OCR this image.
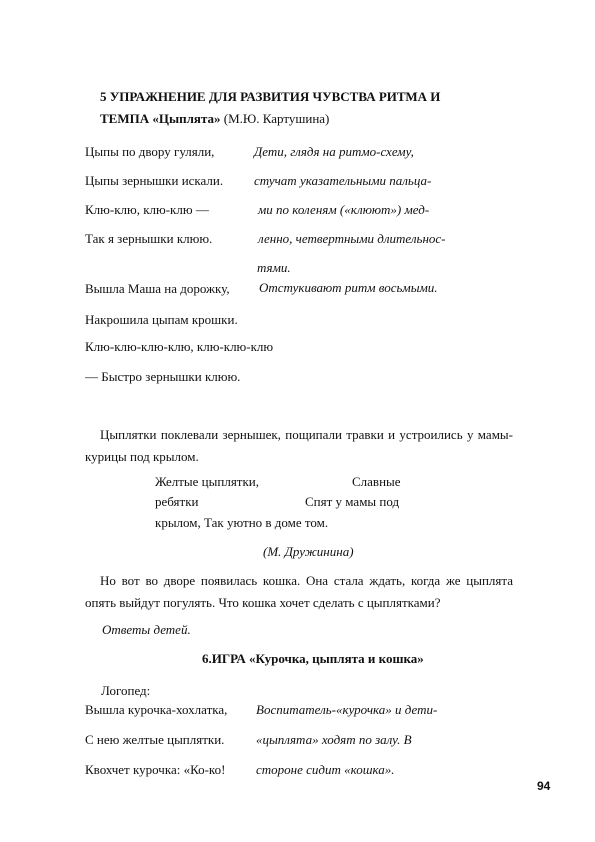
5 УПРАЖНЕНИЕ ДЛЯ РАЗВИТИЯ ЧУВСТВА РИТМА И
ТЕМПА «Цыплята» (М.Ю. Картушина)
Цыпы по двору гуляли,
Цыпы зернышки искали.
Клю-клю, клю-клю —
Так я зернышки клюю.
Вышла Маша на дорожку,
Накрошила цыпам крошки.
Клю-клю-клю-клю, клю-клю-клю
— Быстро зернышки клюю.
Дети, глядя на ритмо-схему,
стучат указательными пальца-
ми по коленям («клюют») мед-
ленно, четвертными длительнос-
тями.
Отстукивают ритм восьмыми.
Цыплятки поклевали зернышек, пощипали травки и устроились у мамы-курицы под крылом.
Желтые цыплятки,	Славные
ребятки	Спят у мамы под
крылом, Так уютно в доме том.
(М. Дружинина)
Но вот во дворе появилась кошка. Она стала ждать, когда же цыплята опять выйдут погулять. Что кошка хочет сделать с цыплятками?
Ответы детей.
6.ИГРА «Курочка, цыплята и кошка»
Логопед:
Вышла курочка-хохлатка,
С нею желтые цыплятки.
Квохчет курочка: «Ко-ко!
Воспитатель-«курочка» и дети-
«цыплята» ходят по залу. В
стороне сидит «кошка».
94
